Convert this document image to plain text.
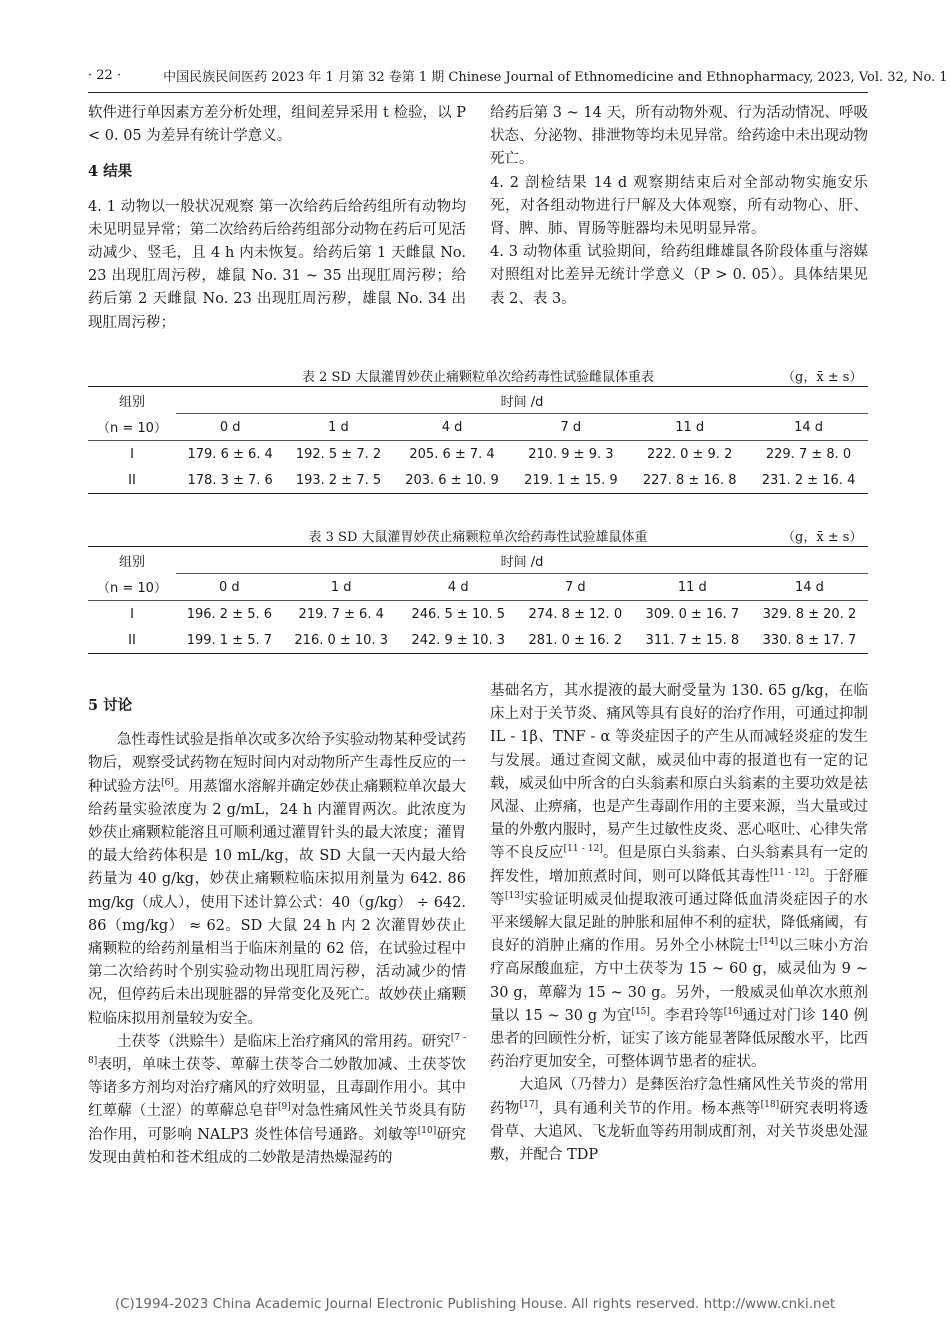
· 22 ·	中国民族民间医药 2023 年 1 月第 32 卷第 1 期 Chinese Journal of Ethnomedicine and Ethnopharmacy, 2023, Vol. 32, No. 1

软件进行单因素方差分析处理，组间差异采用 t 检验，以 P < 0. 05 为差异有统计学意义。

4 结果

4. 1 动物以一般状况观察 第一次给药后给药组所有动物均未见明显异常；第二次给药后给药组部分动物在药后可见活动减少、竖毛，且 4 h 内未恢复。给药后第 1 天雌鼠 No. 23 出现肛周污秽，雄鼠 No. 31 ~ 35 出现肛周污秽；给药后第 2 天雌鼠 No. 23 出现肛周污秽，雄鼠 No. 34 出现肛周污秽；

给药后第 3 ~ 14 天，所有动物外观、行为活动情况、呼吸状态、分泌物、排泄物等均未见异常。给药途中未出现动物死亡。

4. 2 剖检结果 14 d 观察期结束后对全部动物实施安乐死，对各组动物进行尸解及大体观察，所有动物心、肝、肾、脾、肺、胃肠等脏器均未见明显异常。

4. 3 动物体重 试验期间，给药组雌雄鼠各阶段体重与溶媒对照组对比差异无统计学意义（P > 0. 05）。具体结果见表 2、表 3。

表 2 SD 大鼠灌胃妙茯止痛颗粒单次给药毒性试验雌鼠体重表	（g，x̄ ± s）
组别	时间 /d					
（n = 10）	0 d	1 d	4 d	7 d	11 d	14 d
I	179. 6 ± 6. 4	192. 5 ± 7. 2	205. 6 ± 7. 4	210. 9 ± 9. 3	222. 0 ± 9. 2	229. 7 ± 8. 0
II	178. 3 ± 7. 6	193. 2 ± 7. 5	203. 6 ± 10. 9	219. 1 ± 15. 9	227. 8 ± 16. 8	231. 2 ± 16. 4
表 3 SD 大鼠灌胃妙茯止痛颗粒单次给药毒性试验雄鼠体重	（g，x̄ ± s）
组别	时间 /d					
（n = 10）	0 d	1 d	4 d	7 d	11 d	14 d
I	196. 2 ± 5. 6	219. 7 ± 6. 4	246. 5 ± 10. 5	274. 8 ± 12. 0	309. 0 ± 16. 7	329. 8 ± 20. 2
II	199. 1 ± 5. 7	216. 0 ± 10. 3	242. 9 ± 10. 3	281. 0 ± 16. 2	311. 7 ± 15. 8	330. 8 ± 17. 7

5 讨论

急性毒性试验是指单次或多次给予实验动物某种受试药物后，观察受试药物在短时间内对动物所产生毒性反应的一种试验方法[6]。用蒸馏水溶解并确定妙茯止痛颗粒单次最大给药量实验浓度为 2 g/mL，24 h 内灌胃两次。此浓度为妙茯止痛颗粒能溶且可顺利通过灌胃针头的最大浓度；灌胃的最大给药体积是 10 mL/kg，故 SD 大鼠一天内最大给药量为 40 g/kg，妙茯止痛颗粒临床拟用剂量为 642. 86 mg/kg（成人），使用下述计算公式：40（g/kg） ÷ 642. 86（mg/kg） ≈ 62。SD 大鼠 24 h 内 2 次灌胃妙茯止痛颗粒的给药剂量相当于临床剂量的 62 倍，在试验过程中第二次给药时个别实验动物出现肛周污秽，活动减少的情况，但停药后未出现脏器的异常变化及死亡。故妙茯止痛颗粒临床拟用剂量较为安全。

土茯苓（洪赊牛）是临床上治疗痛风的常用药。研究[7 - 8]表明，单味土茯苓、萆薢土茯苓合二妙散加减、土茯苓饮等诸多方剂均对治疗痛风的疗效明显，且毒副作用小。其中红萆薢（土涩）的萆薢总皂苷[9]对急性痛风性关节炎具有防治作用，可影响 NALP3 炎性体信号通路。刘敏等[10]研究发现由黄柏和苍术组成的二妙散是清热燥湿药的

基础名方，其水提液的最大耐受量为 130. 65 g/kg，在临床上对于关节炎、痛风等具有良好的治疗作用，可通过抑制 IL - 1β、TNF - α 等炎症因子的产生从而减轻炎症的发生与发展。通过查阅文献，威灵仙中毒的报道也有一定的记载，威灵仙中所含的白头翁素和原白头翁素的主要功效是祛风湿、止痹痛，也是产生毒副作用的主要来源，当大量或过量的外敷内服时，易产生过敏性皮炎、恶心呕吐、心律失常等不良反应[11 - 12]。但是原白头翁素、白头翁素具有一定的挥发性，增加煎煮时间，则可以降低其毒性[11 - 12]。于舒雁等[13]实验证明威灵仙提取液可通过降低血清炎症因子的水平来缓解大鼠足趾的肿胀和屈伸不利的症状，降低痛阈，有良好的消肿止痛的作用。另外仝小林院士[14]以三味小方治疗高尿酸血症，方中土茯苓为 15 ~ 60 g，威灵仙为 9 ~ 30 g，萆薢为 15 ~ 30 g。另外，一般威灵仙单次水煎剂量以 15 ~ 30 g 为宜[15]。李君玲等[16]通过对门诊 140 例患者的回顾性分析，证实了该方能显著降低尿酸水平，比西药治疗更加安全，可整体调节患者的症状。

大追风（乃替力）是彝医治疗急性痛风性关节炎的常用药物[17]，具有通利关节的作用。杨本燕等[18]研究表明将透骨草、大追风、飞龙斩血等药用制成酊剂，对关节炎患处湿敷，并配合 TDP

(C)1994-2023 China Academic Journal Electronic Publishing House. All rights reserved. http://www.cnki.net
